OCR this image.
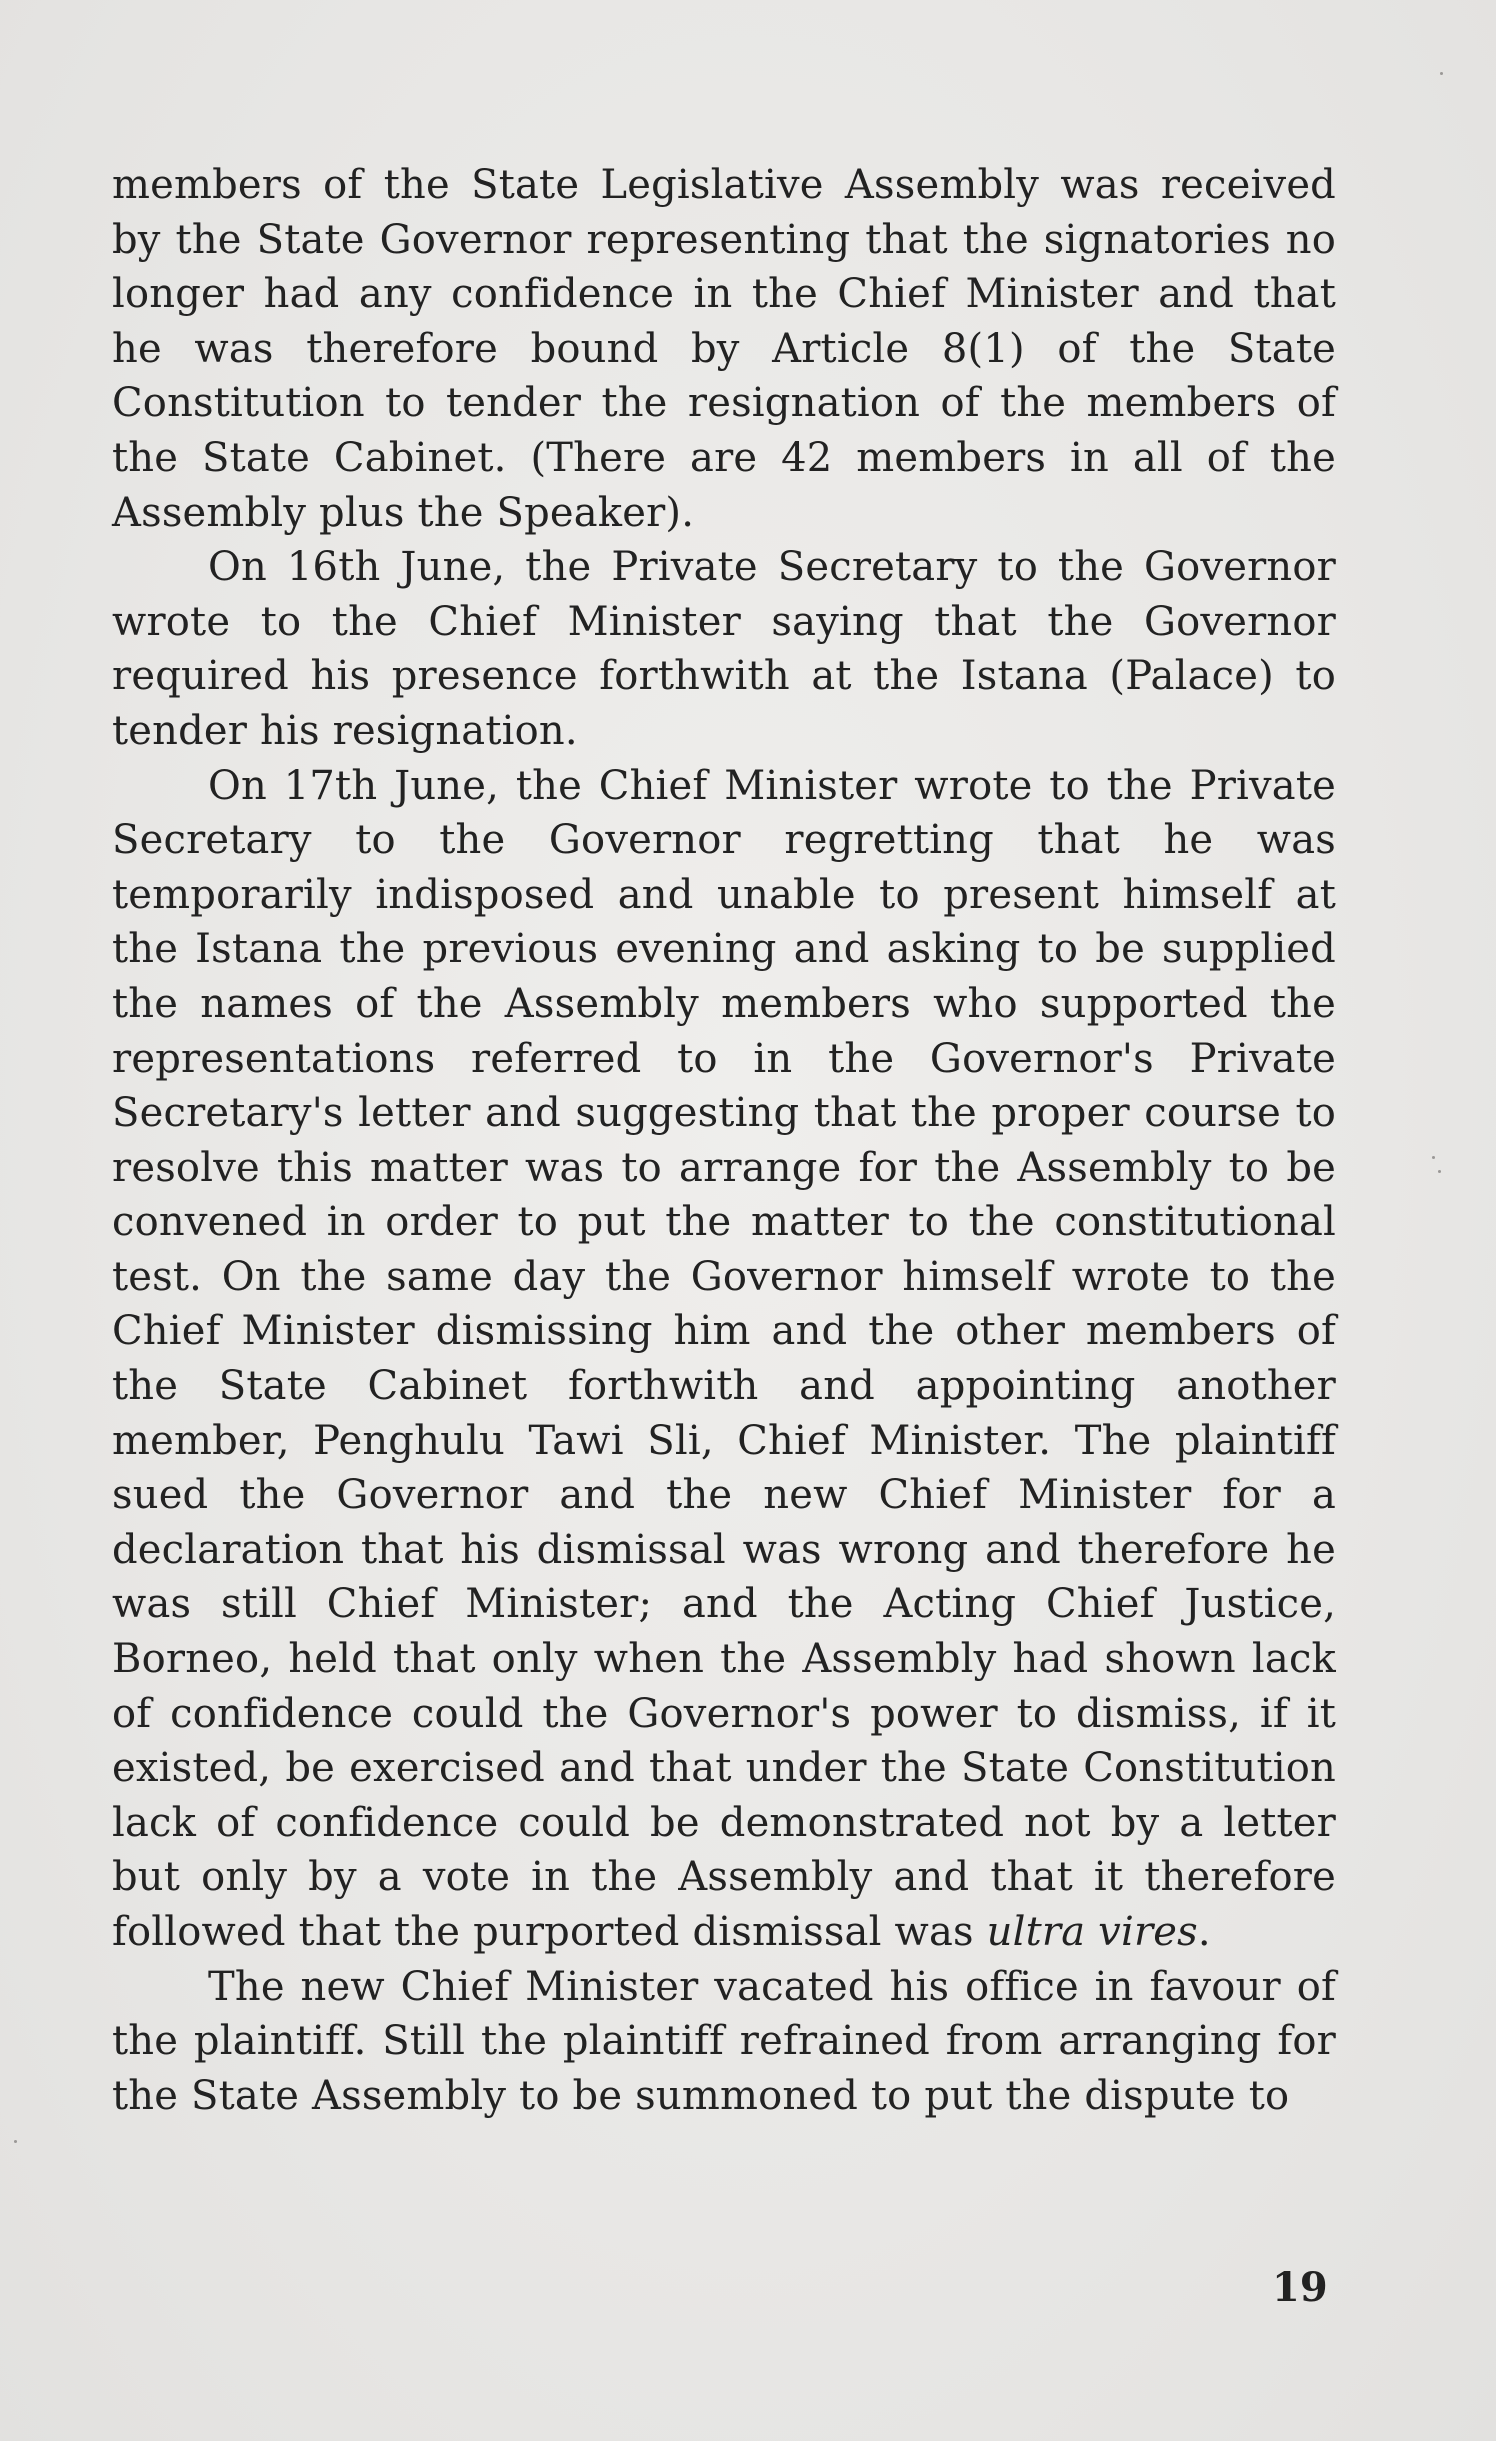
members of the State Legislative Assembly was received by the State Governor representing that the signatories no longer had any confidence in the Chief Minister and that he was therefore bound by Article 8(1) of the State Constitution to tender the resignation of the members of the State Cabinet. (There are 42 members in all of the Assembly plus the Speaker).

On 16th June, the Private Secretary to the Governor wrote to the Chief Minister saying that the Governor required his presence forthwith at the Istana (Palace) to tender his resignation.

On 17th June, the Chief Minister wrote to the Private Secretary to the Governor regretting that he was temporarily indisposed and unable to present himself at the Istana the previous evening and asking to be supplied the names of the Assembly members who supported the representations referred to in the Governor's Private Secretary's letter and suggesting that the proper course to resolve this matter was to arrange for the Assembly to be convened in order to put the matter to the constitutional test. On the same day the Governor himself wrote to the Chief Minister dismissing him and the other members of the State Cabinet forthwith and appointing another member, Penghulu Tawi Sli, Chief Minister. The plaintiff sued the Governor and the new Chief Minister for a declaration that his dismissal was wrong and therefore he was still Chief Minister; and the Acting Chief Justice, Borneo, held that only when the Assembly had shown lack of confidence could the Governor's power to dismiss, if it existed, be exercised and that under the State Constitution lack of confidence could be demonstrated not by a letter but only by a vote in the Assembly and that it therefore followed that the purported dismissal was ultra vires.

The new Chief Minister vacated his office in favour of the plaintiff. Still the plaintiff refrained from arranging for the State Assembly to be summoned to put the dispute to

19
